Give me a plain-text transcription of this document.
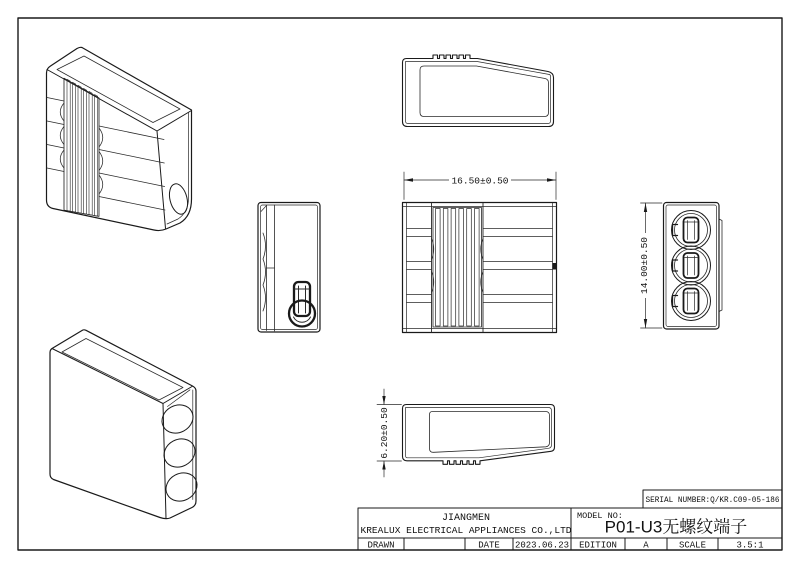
16.50±0.50
14.00±0.50
6.20±0.50
SERIAL NUMBER:Q/KR.C09-05-186
JIANGMEN
KREALUX ELECTRICAL APPLIANCES CO.,LTD
MODEL NO:
P01-U3无螺纹端子
DRAWN	DATE 2023.06.23 EDITION	A	SCALE	3.5:1
